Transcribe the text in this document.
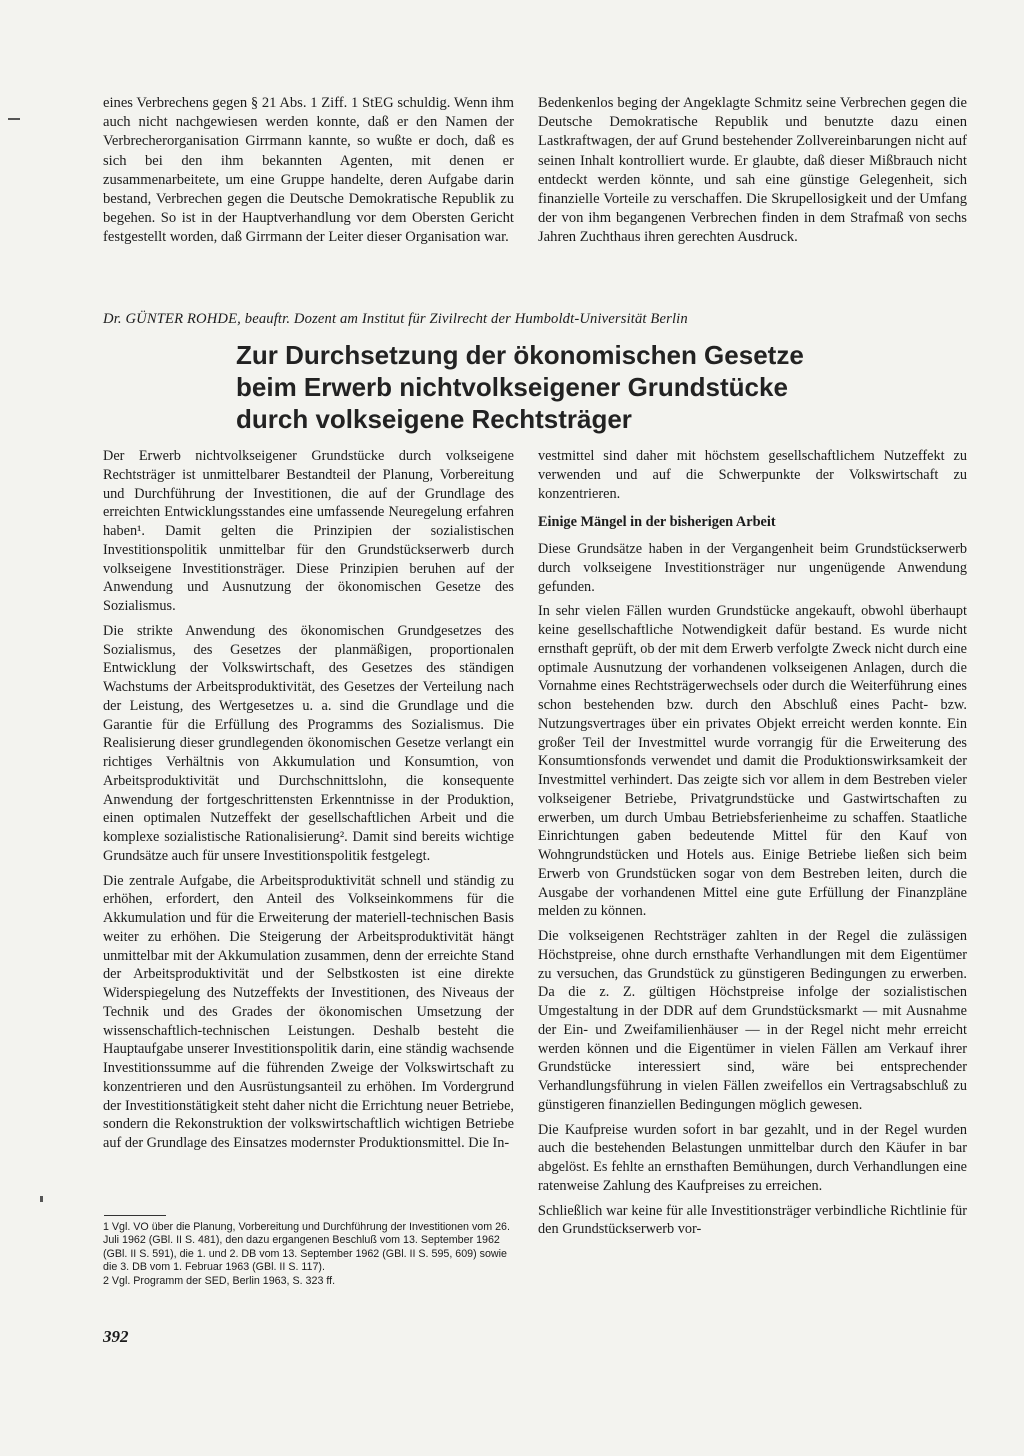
eines Verbrechens gegen § 21 Abs. 1 Ziff. 1 StEG schuldig. Wenn ihm auch nicht nachgewiesen werden konnte, daß er den Namen der Verbrecherorganisation Girrmann kannte, so wußte er doch, daß es sich bei den ihm bekannten Agenten, mit denen er zusammenarbeitete, um eine Gruppe handelte, deren Aufgabe darin bestand, Verbrechen gegen die Deutsche Demokratische Republik zu begehen. So ist in der Hauptverhandlung vor dem Obersten Gericht festgestellt worden, daß Girrmann der Leiter dieser Organisation war.

Bedenkenlos beging der Angeklagte Schmitz seine Verbrechen gegen die Deutsche Demokratische Republik und benutzte dazu einen Lastkraftwagen, der auf Grund bestehender Zollvereinbarungen nicht auf seinen Inhalt kontrolliert wurde. Er glaubte, daß dieser Mißbrauch nicht entdeckt werden könnte, und sah eine günstige Gelegenheit, sich finanzielle Vorteile zu verschaffen. Die Skrupellosigkeit und der Umfang der von ihm begangenen Verbrechen finden in dem Strafmaß von sechs Jahren Zuchthaus ihren gerechten Ausdruck.

Dr. GÜNTER ROHDE, beauftr. Dozent am Institut für Zivilrecht der Humboldt-Universität Berlin
Zur Durchsetzung der ökonomischen Gesetze
beim Erwerb nichtvolkseigener Grundstücke
durch volkseigene Rechtsträger

Der Erwerb nichtvolkseigener Grundstücke durch volkseigene Rechtsträger ist unmittelbarer Bestandteil der Planung, Vorbereitung und Durchführung der Investitionen, die auf der Grundlage des erreichten Entwicklungsstandes eine umfassende Neuregelung erfahren haben¹. Damit gelten die Prinzipien der sozialistischen Investitionspolitik unmittelbar für den Grundstückserwerb durch volkseigene Investitionsträger. Diese Prinzipien beruhen auf der Anwendung und Ausnutzung der ökonomischen Gesetze des Sozialismus.

Die strikte Anwendung des ökonomischen Grundgesetzes des Sozialismus, des Gesetzes der planmäßigen, proportionalen Entwicklung der Volkswirtschaft, des Gesetzes des ständigen Wachstums der Arbeitsproduktivität, des Gesetzes der Verteilung nach der Leistung, des Wertgesetzes u. a. sind die Grundlage und die Garantie für die Erfüllung des Programms des Sozialismus. Die Realisierung dieser grundlegenden ökonomischen Gesetze verlangt ein richtiges Verhältnis von Akkumulation und Konsumtion, von Arbeitsproduktivität und Durchschnittslohn, die konsequente Anwendung der fortgeschrittensten Erkenntnisse in der Produktion, einen optimalen Nutzeffekt der gesellschaftlichen Arbeit und die komplexe sozialistische Rationalisierung². Damit sind bereits wichtige Grundsätze auch für unsere Investitionspolitik festgelegt.

Die zentrale Aufgabe, die Arbeitsproduktivität schnell und ständig zu erhöhen, erfordert, den Anteil des Volkseinkommens für die Akkumulation und für die Erweiterung der materiell-technischen Basis weiter zu erhöhen. Die Steigerung der Arbeitsproduktivität hängt unmittelbar mit der Akkumulation zusammen, denn der erreichte Stand der Arbeitsproduktivität und der Selbstkosten ist eine direkte Widerspiegelung des Nutzeffekts der Investitionen, des Niveaus der Technik und des Grades der ökonomischen Umsetzung der wissenschaftlich-technischen Leistungen. Deshalb besteht die Hauptaufgabe unserer Investitionspolitik darin, eine ständig wachsende Investitionssumme auf die führenden Zweige der Volkswirtschaft zu konzentrieren und den Ausrüstungsanteil zu erhöhen. Im Vordergrund der Investitionstätigkeit steht daher nicht die Errichtung neuer Betriebe, sondern die Rekonstruktion der volkswirtschaftlich wichtigen Betriebe auf der Grundlage des Einsatzes modernster Produktionsmittel. Die In-

vestmittel sind daher mit höchstem gesellschaftlichem Nutzeffekt zu verwenden und auf die Schwerpunkte der Volkswirtschaft zu konzentrieren.

Einige Mängel in der bisherigen Arbeit

Diese Grundsätze haben in der Vergangenheit beim Grundstückserwerb durch volkseigene Investitionsträger nur ungenügende Anwendung gefunden.

In sehr vielen Fällen wurden Grundstücke angekauft, obwohl überhaupt keine gesellschaftliche Notwendigkeit dafür bestand. Es wurde nicht ernsthaft geprüft, ob der mit dem Erwerb verfolgte Zweck nicht durch eine optimale Ausnutzung der vorhandenen volkseigenen Anlagen, durch die Vornahme eines Rechtsträgerwechsels oder durch die Weiterführung eines schon bestehenden bzw. durch den Abschluß eines Pacht- bzw. Nutzungsvertrages über ein privates Objekt erreicht werden konnte. Ein großer Teil der Investmittel wurde vorrangig für die Erweiterung des Konsumtionsfonds verwendet und damit die Produktionswirksamkeit der Investmittel verhindert. Das zeigte sich vor allem in dem Bestreben vieler volkseigener Betriebe, Privatgrundstücke und Gastwirtschaften zu erwerben, um durch Umbau Betriebsferienheime zu schaffen. Staatliche Einrichtungen gaben bedeutende Mittel für den Kauf von Wohngrundstücken und Hotels aus. Einige Betriebe ließen sich beim Erwerb von Grundstücken sogar von dem Bestreben leiten, durch die Ausgabe der vorhandenen Mittel eine gute Erfüllung der Finanzpläne melden zu können.

Die volkseigenen Rechtsträger zahlten in der Regel die zulässigen Höchstpreise, ohne durch ernsthafte Verhandlungen mit dem Eigentümer zu versuchen, das Grundstück zu günstigeren Bedingungen zu erwerben. Da die z. Z. gültigen Höchstpreise infolge der sozialistischen Umgestaltung in der DDR auf dem Grundstücksmarkt — mit Ausnahme der Ein- und Zweifamilienhäuser — in der Regel nicht mehr erreicht werden können und die Eigentümer in vielen Fällen am Verkauf ihrer Grundstücke interessiert sind, wäre bei entsprechender Verhandlungsführung in vielen Fällen zweifellos ein Vertragsabschluß zu günstigeren finanziellen Bedingungen möglich gewesen.

Die Kaufpreise wurden sofort in bar gezahlt, und in der Regel wurden auch die bestehenden Belastungen unmittelbar durch den Käufer in bar abgelöst. Es fehlte an ernsthaften Bemühungen, durch Verhandlungen eine ratenweise Zahlung des Kaufpreises zu erreichen.

Schließlich war keine für alle Investitionsträger verbindliche Richtlinie für den Grundstückserwerb vor-

1 Vgl. VO über die Planung, Vorbereitung und Durchführung der Investitionen vom 26. Juli 1962 (GBl. II S. 481), den dazu ergangenen Beschluß vom 13. September 1962 (GBl. II S. 591), die 1. und 2. DB vom 13. September 1962 (GBl. II S. 595, 609) sowie die 3. DB vom 1. Februar 1963 (GBl. II S. 117).
2 Vgl. Programm der SED, Berlin 1963, S. 323 ff.
392
